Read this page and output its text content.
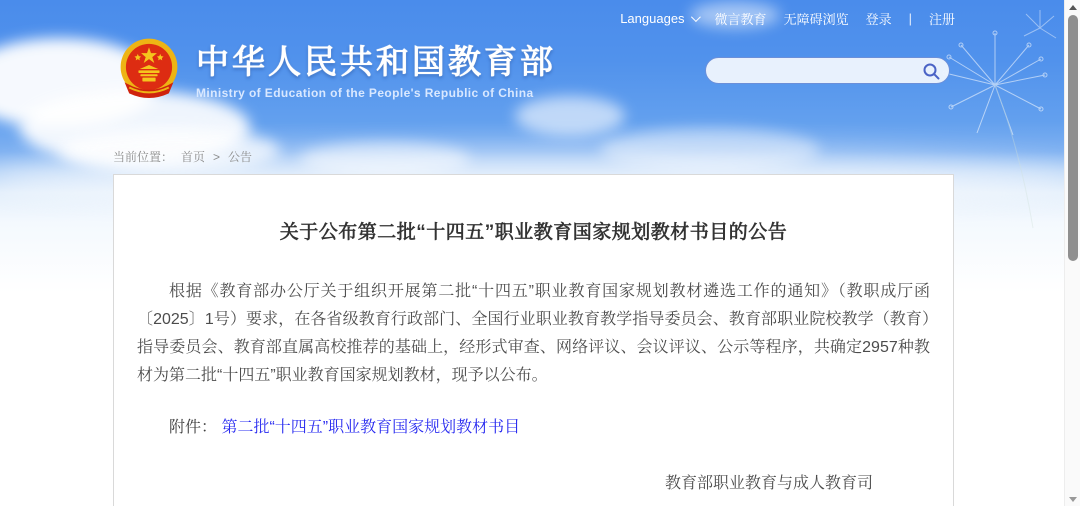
Languages 微言教育 无障碍浏览 登录 | 注册
中华人民共和国教育部
Ministry of Education of the People's Republic of China
当前位置： 首页 > 公告
关于公布第二批“十四五”职业教育国家规划教材书目的公告

根据《教育部办公厅关于组织开展第二批“十四五”职业教育国家规划教材遴选工作的通知》（教职成厅函〔2025〕1号）要求，在各省级教育行政部门、全国行业职业教育教学指导委员会、教育部职业院校教学（教育）指导委员会、教育部直属高校推荐的基础上，经形式审查、网络评议、会议评议、公示等程序，共确定2957种教材为第二批“十四五”职业教育国家规划教材，现予以公布。

附件： 第二批“十四五”职业教育国家规划教材书目

教育部职业教育与成人教育司
